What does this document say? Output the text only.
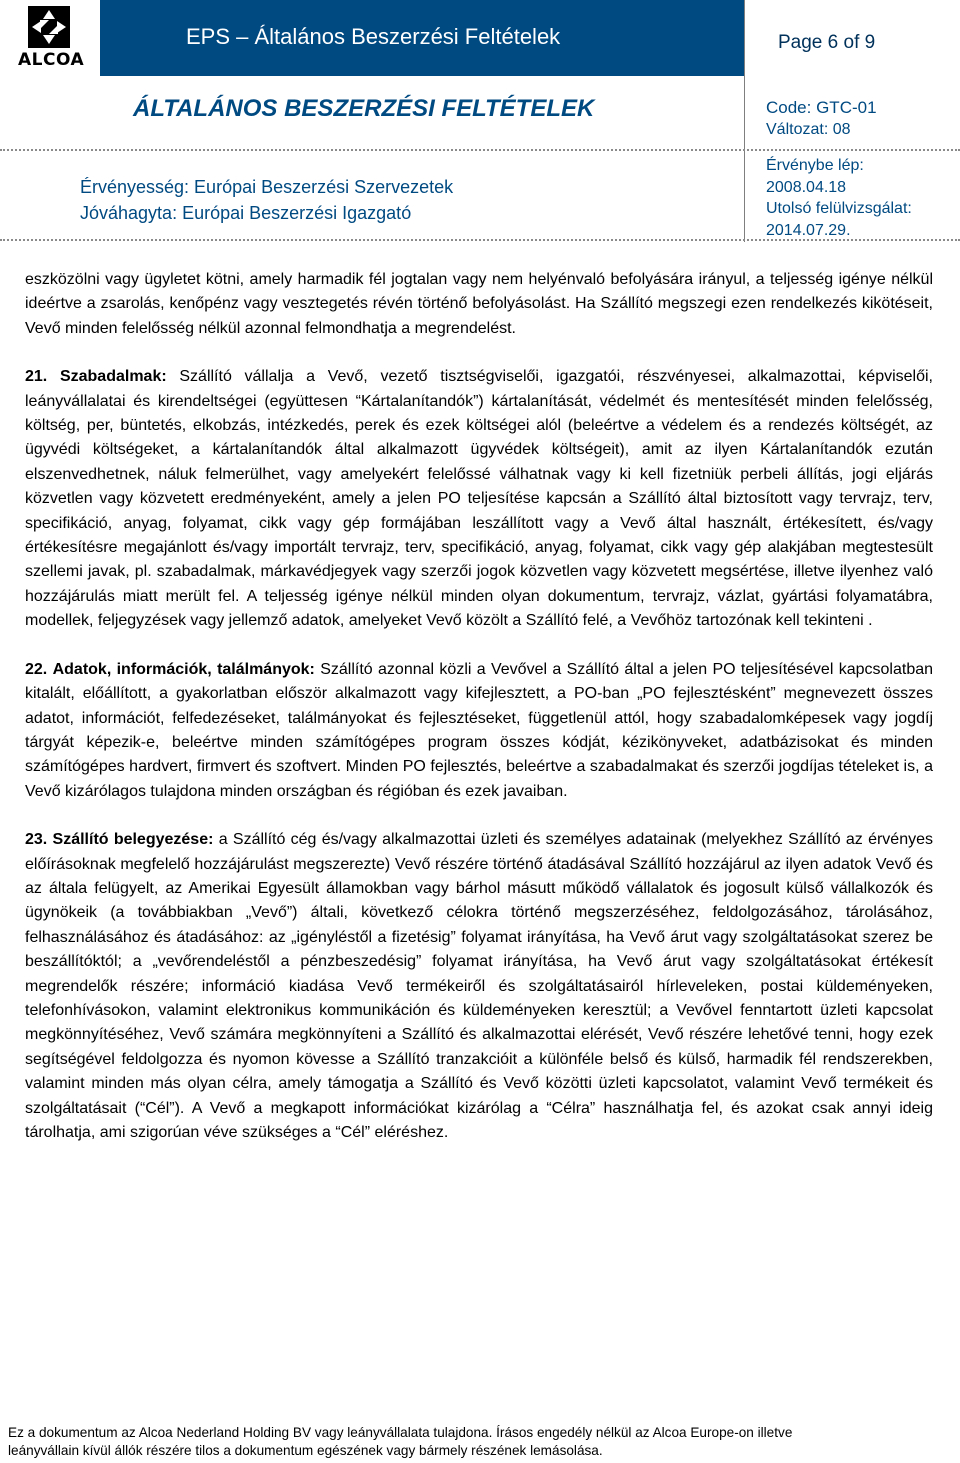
ALCOA
EPS – Általános Beszerzési Feltételek	Page 6 of 9
ÁLTALÁNOS BESZERZÉSI FELTÉTELEK	Code: GTC-01
Változat: 08
Érvényesség: Európai Beszerzési Szervezetek
Jóváhagyta: Európai Beszerzési Igazgató
Érvénybe lép:
2008.04.18
Utolsó felülvizsgálat:
2014.07.29.

eszközölni vagy ügyletet kötni, amely harmadik fél jogtalan vagy nem helyénvaló befolyására irányul, a teljesség igénye nélkül ideértve a zsarolás, kenőpénz vagy vesztegetés révén történő befolyásolást. Ha Szállító megszegi ezen rendelkezés kikötéseit, Vevő minden felelősség nélkül azonnal felmondhatja a megrendelést.

21. Szabadalmak: Szállító vállalja a Vevő, vezető tisztségviselői, igazgatói, részvényesei, alkalmazottai, képviselői, leányvállalatai és kirendeltségei (együttesen “Kártalanítandók”) kártalanítását, védelmét és mentesítését minden felelősség, költség, per, büntetés, elkobzás, intézkedés, perek és ezek költségei alól (beleértve a védelem és a rendezés költségét, az ügyvédi költségeket, a kártalanítandók által alkalmazott ügyvédek költségeit), amit az ilyen Kártalanítandók ezután elszenvedhetnek, náluk felmerülhet, vagy amelyekért felelőssé válhatnak vagy ki kell fizetniük perbeli állítás, jogi eljárás közvetlen vagy közvetett eredményeként, amely a jelen PO teljesítése kapcsán a Szállító által biztosított vagy tervrajz, terv, specifikáció, anyag, folyamat, cikk vagy gép formájában leszállított vagy a Vevő által használt, értékesített, és/vagy értékesítésre megajánlott és/vagy importált tervrajz, terv, specifikáció, anyag, folyamat, cikk vagy gép alakjában megtestesült szellemi javak, pl. szabadalmak, márkavédjegyek vagy szerzői jogok közvetlen vagy közvetett megsértése, illetve ilyenhez való hozzájárulás miatt merült fel. A teljesség igénye nélkül minden olyan dokumentum, tervrajz, vázlat, gyártási folyamatábra, modellek, feljegyzések vagy jellemző adatok, amelyeket Vevő közölt a Szállító felé, a Vevőhöz tartozónak kell tekinteni .

22. Adatok, információk, találmányok: Szállító azonnal közli a Vevővel a Szállító által a jelen PO teljesítésével kapcsolatban kitalált, előállított, a gyakorlatban először alkalmazott vagy kifejlesztett, a PO-ban „PO fejlesztésként” megnevezett összes adatot, információt, felfedezéseket, találmányokat és fejlesztéseket, függetlenül attól, hogy szabadalomképesek vagy jogdíj tárgyát képezik-e, beleértve minden számítógépes program összes kódját, kézikönyveket, adatbázisokat és minden számítógépes hardvert, firmvert és szoftvert. Minden PO fejlesztés, beleértve a szabadalmakat és szerzői jogdíjas tételeket is, a Vevő kizárólagos tulajdona minden országban és régióban és ezek javaiban.

23. Szállító belegyezése: a Szállító cég és/vagy alkalmazottai üzleti és személyes adatainak (melyekhez Szállító az érvényes előírásoknak megfelelő hozzájárulást megszerezte) Vevő részére történő átadásával Szállító hozzájárul az ilyen adatok Vevő és az általa felügyelt, az Amerikai Egyesült államokban vagy bárhol másutt működő vállalatok és jogosult külső vállalkozók és ügynökeik (a továbbiakban „Vevő”) általi, következő célokra történő megszerzéséhez, feldolgozásához, tárolásához, felhasználásához és átadásához: az „igényléstől a fizetésig” folyamat irányítása, ha Vevő árut vagy szolgáltatásokat szerez be beszállítóktól; a „vevőrendeléstől a pénzbeszedésig” folyamat irányítása, ha Vevő árut vagy szolgáltatásokat értékesít megrendelők részére; információ kiadása Vevő termékeiről és szolgáltatásairól hírleveleken, postai küldeményeken, telefonhívásokon, valamint elektronikus kommunikáción és küldeményeken keresztül; a Vevővel fenntartott üzleti kapcsolat megkönnyítéséhez, Vevő számára megkönnyíteni a Szállító és alkalmazottai elérését, Vevő részére lehetővé tenni, hogy ezek segítségével feldolgozza és nyomon kövesse a Szállító tranzakcióit a különféle belső és külső, harmadik fél rendszerekben, valamint minden más olyan célra, amely támogatja a Szállító és Vevő közötti üzleti kapcsolatot, valamint Vevő termékeit és szolgáltatásait (“Cél”). A Vevő a megkapott információkat kizárólag a “Célra” használhatja fel, és azokat csak annyi ideig tárolhatja, ami szigorúan véve szükséges a “Cél” eléréshez.

Ez a dokumentum az Alcoa Nederland Holding BV vagy leányvállalata tulajdona. Írásos engedély nélkül az Alcoa Europe-on illetve
leányvállain kívül állók részére tilos a dokumentum egészének vagy bármely részének lemásolása.
